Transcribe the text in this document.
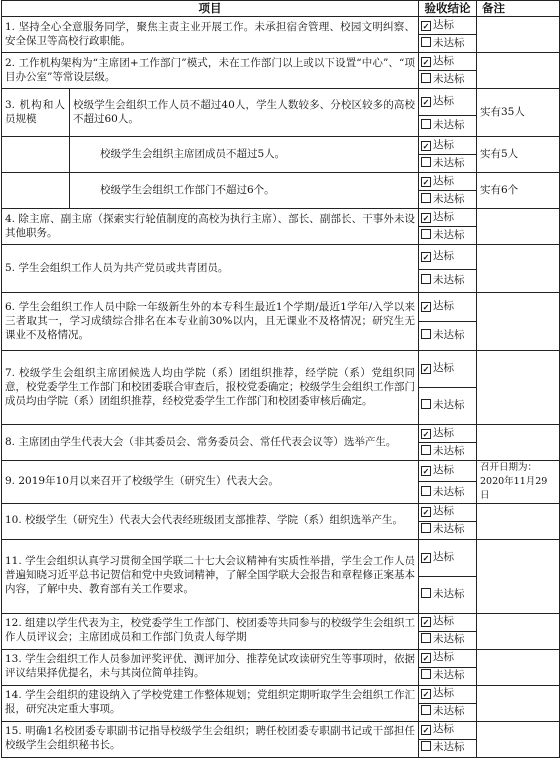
项目		验收结论	备注
1. 坚持全心全意服务同学，聚焦主责主业开展工作。未承担宿舍管理、校园文明纠察、安全保卫等高校行政职能。	✓达标	
		未达标	
2. 工作机构架构为“主席团+工作部门”模式，未在工作部门以上或以下设置“中心”、“项目办公室”等常设层级。	✓达标	
		未达标	
3. 机构和人员规模	校级学生会组织工作人员不超过40人，学生人数较多、分校区较多的高校不超过60人。	✓达标	实有35人
		未达标	
	校级学生会组织主席团成员不超过5人。	✓达标	实有5人
		未达标	
	校级学生会组织工作部门不超过6个。	✓达标	实有6个
		未达标	
4. 除主席、副主席（探索实行轮值制度的高校为执行主席）、部长、副部长、干事外未设其他职务。	✓达标	
		未达标	
5. 学生会组织工作人员为共产党员或共青团员。	✓达标	
		未达标	
6. 学生会组织工作人员中除一年级新生外的本专科生最近1个学期/最近1学年/入学以来三者取其一，学习成绩综合排名在本专业前30%以内，且无课业不及格情况；研究生无课业不及格情况。	✓达标	
		未达标	
7. 校级学生会组织主席团候选人均由学院（系）团组织推荐，经学院（系）党组织同意，校党委学生工作部门和校团委联合审查后，报校党委确定；校级学生会组织工作部门成员均由学院（系）团组织推荐，经校党委学生工作部门和校团委审核后确定。	✓达标	
		未达标	
8. 主席团由学生代表大会（非其委员会、常务委员会、常任代表会议等）选举产生。	✓达标	
		未达标	
9. 2019年10月以来召开了校级学生（研究生）代表大会。	✓达标	召开日期为：2020年11月29日
		未达标	
10. 校级学生（研究生）代表大会代表经班级团支部推荐、学院（系）组织选举产生。	✓达标	
		未达标	
11. 学生会组织认真学习贯彻全国学联二十七大会议精神有实质性举措，学生会工作人员普遍知晓习近平总书记贺信和党中央致词精神，了解全国学联大会报告和章程修正案基本内容，了解中央、教育部有关工作要求。	✓达标	
		未达标	
12. 组建以学生代表为主，校党委学生工作部门、校团委等共同参与的校级学生会组织工作人员评议会；主席团成员和工作部门负责人每学期	✓达标	
		未达标	
13. 学生会组织工作人员参加评奖评优、测评加分、推荐免试攻读研究生等事项时，依据评议结果择优提名，未与其岗位简单挂钩。	✓达标	
		未达标	
14. 学生会组织的建设纳入了学校党建工作整体规划；党组织定期听取学生会组织工作汇报，研究决定重大事项。	✓达标	
		未达标	
15. 明确1名校团委专职副书记指导校级学生会组织；聘任校团委专职副书记或干部担任校级学生会组织秘书长。	✓达标	
		未达标	
